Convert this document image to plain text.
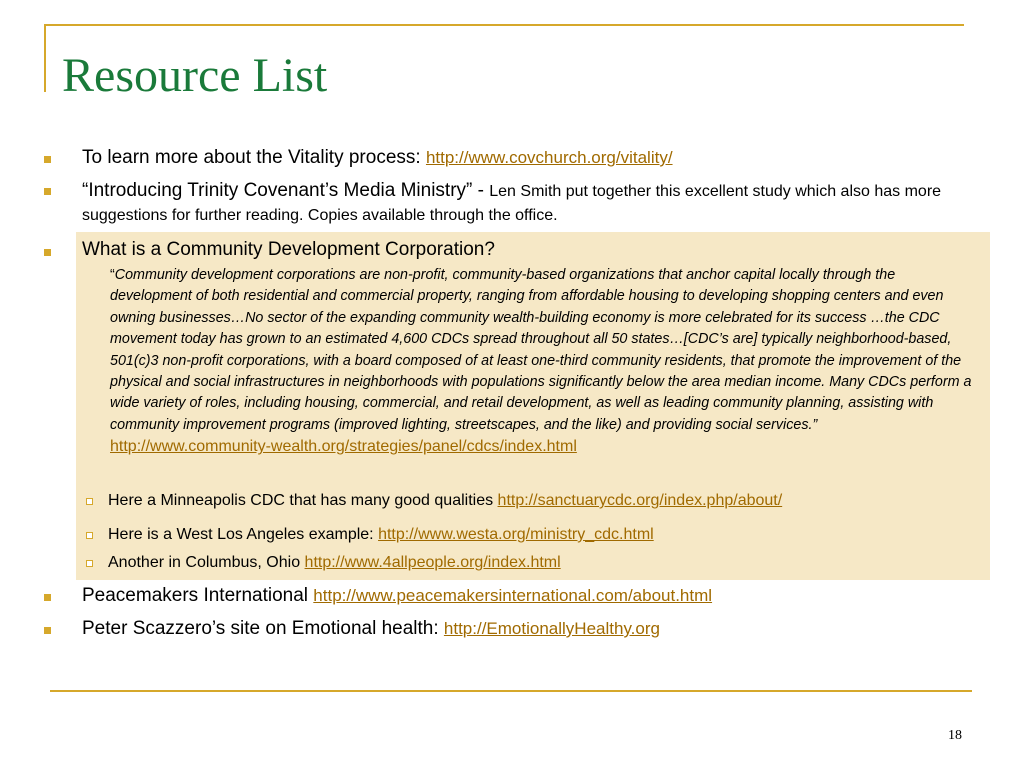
Resource List
To learn more about the Vitality process: http://www.covchurch.org/vitality/
“Introducing Trinity Covenant’s Media Ministry” - Len Smith put together this excellent study which also has more suggestions for further reading. Copies available through the office.
What is a Community Development Corporation?
“Community development corporations are non-profit, community-based organizations that anchor capital locally through the development of both residential and commercial property, ranging from affordable housing to developing shopping centers and even owning businesses…No sector of the expanding community wealth-building economy is more celebrated for its success …the CDC movement today has grown to an estimated 4,600 CDCs spread throughout all 50 states…[CDC’s are] typically neighborhood-based, 501(c)3 non-profit corporations, with a board composed of at least one-third community residents, that promote the improvement of the physical and social infrastructures in neighborhoods with populations significantly below the area median income. Many CDCs perform a wide variety of roles, including housing, commercial, and retail development, as well as leading community planning, assisting with community improvement programs (improved lighting, streetscapes, and the like) and providing social services.”  http://www.community-wealth.org/strategies/panel/cdcs/index.html
Here a Minneapolis CDC that has many good qualities http://sanctuarycdc.org/index.php/about/
Here is a West Los Angeles example: http://www.westa.org/ministry_cdc.html
Another in Columbus, Ohio http://www.4allpeople.org/index.html
Peacemakers International http://www.peacemakersinternational.com/about.html
Peter Scazzero’s site on Emotional health: http://EmotionallyHealthy.org
18
